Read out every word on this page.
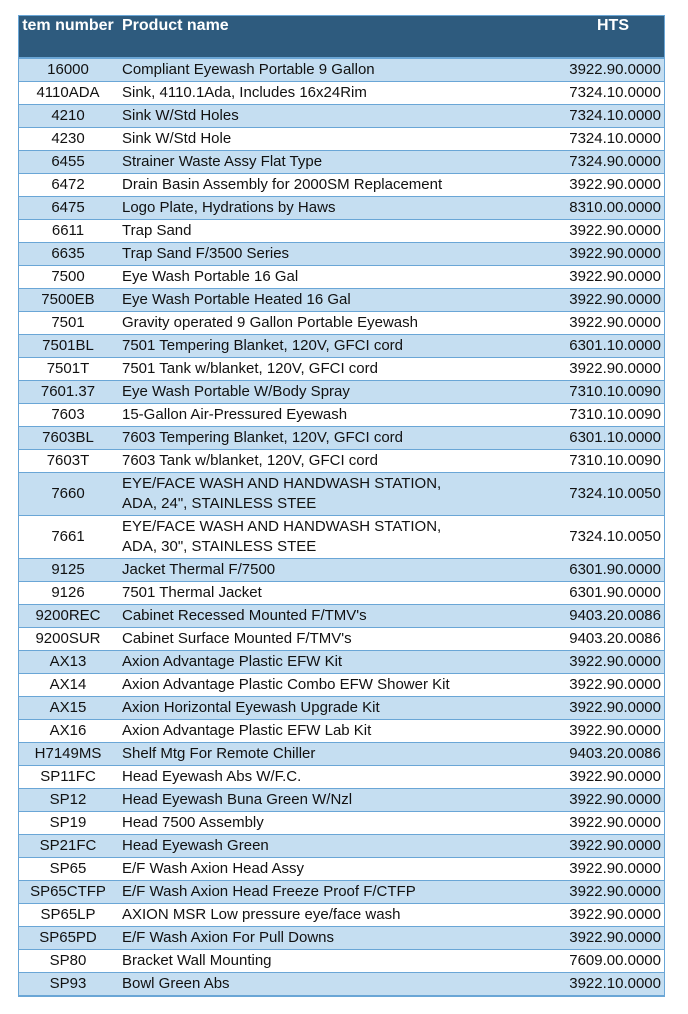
tem number	Product name	HTS
16000	Compliant Eyewash Portable 9 Gallon	3922.90.0000
4110ADA	Sink, 4110.1Ada, Includes 16x24Rim	7324.10.0000
4210	Sink W/Std Holes	7324.10.0000
4230	Sink W/Std Hole	7324.10.0000
6455	Strainer Waste Assy Flat Type	7324.90.0000
6472	Drain Basin Assembly for 2000SM Replacement	3922.90.0000
6475	Logo Plate, Hydrations by Haws	8310.00.0000
6611	Trap Sand	3922.90.0000
6635	Trap Sand F/3500 Series	3922.90.0000
7500	Eye Wash Portable 16 Gal	3922.90.0000
7500EB	Eye Wash Portable Heated 16 Gal	3922.90.0000
7501	Gravity operated 9 Gallon Portable Eyewash	3922.90.0000
7501BL	7501 Tempering Blanket, 120V, GFCI cord	6301.10.0000
7501T	7501 Tank w/blanket, 120V, GFCI cord	3922.90.0000
7601.37	Eye Wash Portable W/Body Spray	7310.10.0090
7603	15-Gallon Air-Pressured Eyewash	7310.10.0090
7603BL	7603 Tempering Blanket, 120V, GFCI cord	6301.10.0000
7603T	7603 Tank w/blanket, 120V, GFCI cord	7310.10.0090
7660	EYE/FACE WASH AND HANDWASH STATION, ADA, 24", STAINLESS STEE	7324.10.0050
7661	EYE/FACE WASH AND HANDWASH STATION, ADA, 30", STAINLESS STEE	7324.10.0050
9125	Jacket Thermal F/7500	6301.90.0000
9126	7501 Thermal Jacket	6301.90.0000
9200REC	Cabinet Recessed Mounted F/TMV's	9403.20.0086
9200SUR	Cabinet Surface Mounted F/TMV's	9403.20.0086
AX13	Axion Advantage Plastic EFW Kit	3922.90.0000
AX14	Axion Advantage Plastic Combo EFW Shower Kit	3922.90.0000
AX15	Axion Horizontal Eyewash Upgrade Kit	3922.90.0000
AX16	Axion Advantage Plastic EFW Lab Kit	3922.90.0000
H7149MS	Shelf Mtg For Remote Chiller	9403.20.0086
SP11FC	Head Eyewash Abs W/F.C.	3922.90.0000
SP12	Head Eyewash Buna Green W/Nzl	3922.90.0000
SP19	Head 7500 Assembly	3922.90.0000
SP21FC	Head Eyewash Green	3922.90.0000
SP65	E/F Wash Axion Head Assy	3922.90.0000
SP65CTFP	E/F Wash Axion Head Freeze Proof F/CTFP	3922.90.0000
SP65LP	AXION MSR Low pressure eye/face wash	3922.90.0000
SP65PD	E/F Wash Axion For Pull Downs	3922.90.0000
SP80	Bracket Wall Mounting	7609.00.0000
SP93	Bowl Green Abs	3922.10.0000
